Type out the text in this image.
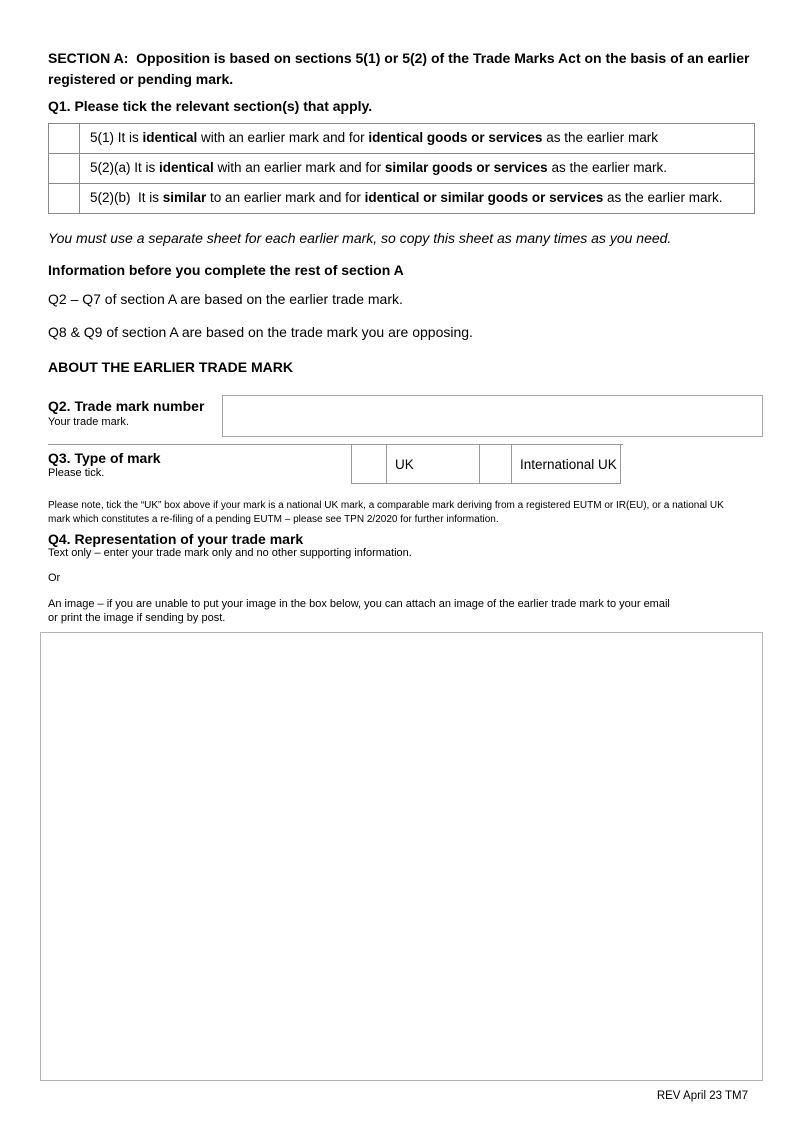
SECTION A:  Opposition is based on sections 5(1) or 5(2) of the Trade Marks Act on the basis of an earlier registered or pending mark.
Q1. Please tick the relevant section(s) that apply.
5(1) It is identical with an earlier mark and for identical goods or services as the earlier mark
5(2)(a) It is identical with an earlier mark and for similar goods or services as the earlier mark.
5(2)(b)  It is similar to an earlier mark and for identical or similar goods or services as the earlier mark.
You must use a separate sheet for each earlier mark, so copy this sheet as many times as you need.
Information before you complete the rest of section A
Q2 – Q7 of section A are based on the earlier trade mark.
Q8 & Q9 of section A are based on the trade mark you are opposing.
ABOUT THE EARLIER TRADE MARK
Q2. Trade mark number
Your trade mark.
Q3. Type of mark
Please tick.
UK	International UK
Please note, tick the “UK” box above if your mark is a national UK mark, a comparable mark deriving from a registered EUTM or IR(EU), or a national UK mark which constitutes a re-filing of a pending EUTM – please see TPN 2/2020 for further information.
Q4. Representation of your trade mark
Text only – enter your trade mark only and no other supporting information.
Or
An image – if you are unable to put your image in the box below, you can attach an image of the earlier trade mark to your email
or print the image if sending by post.
REV April 23 TM7
